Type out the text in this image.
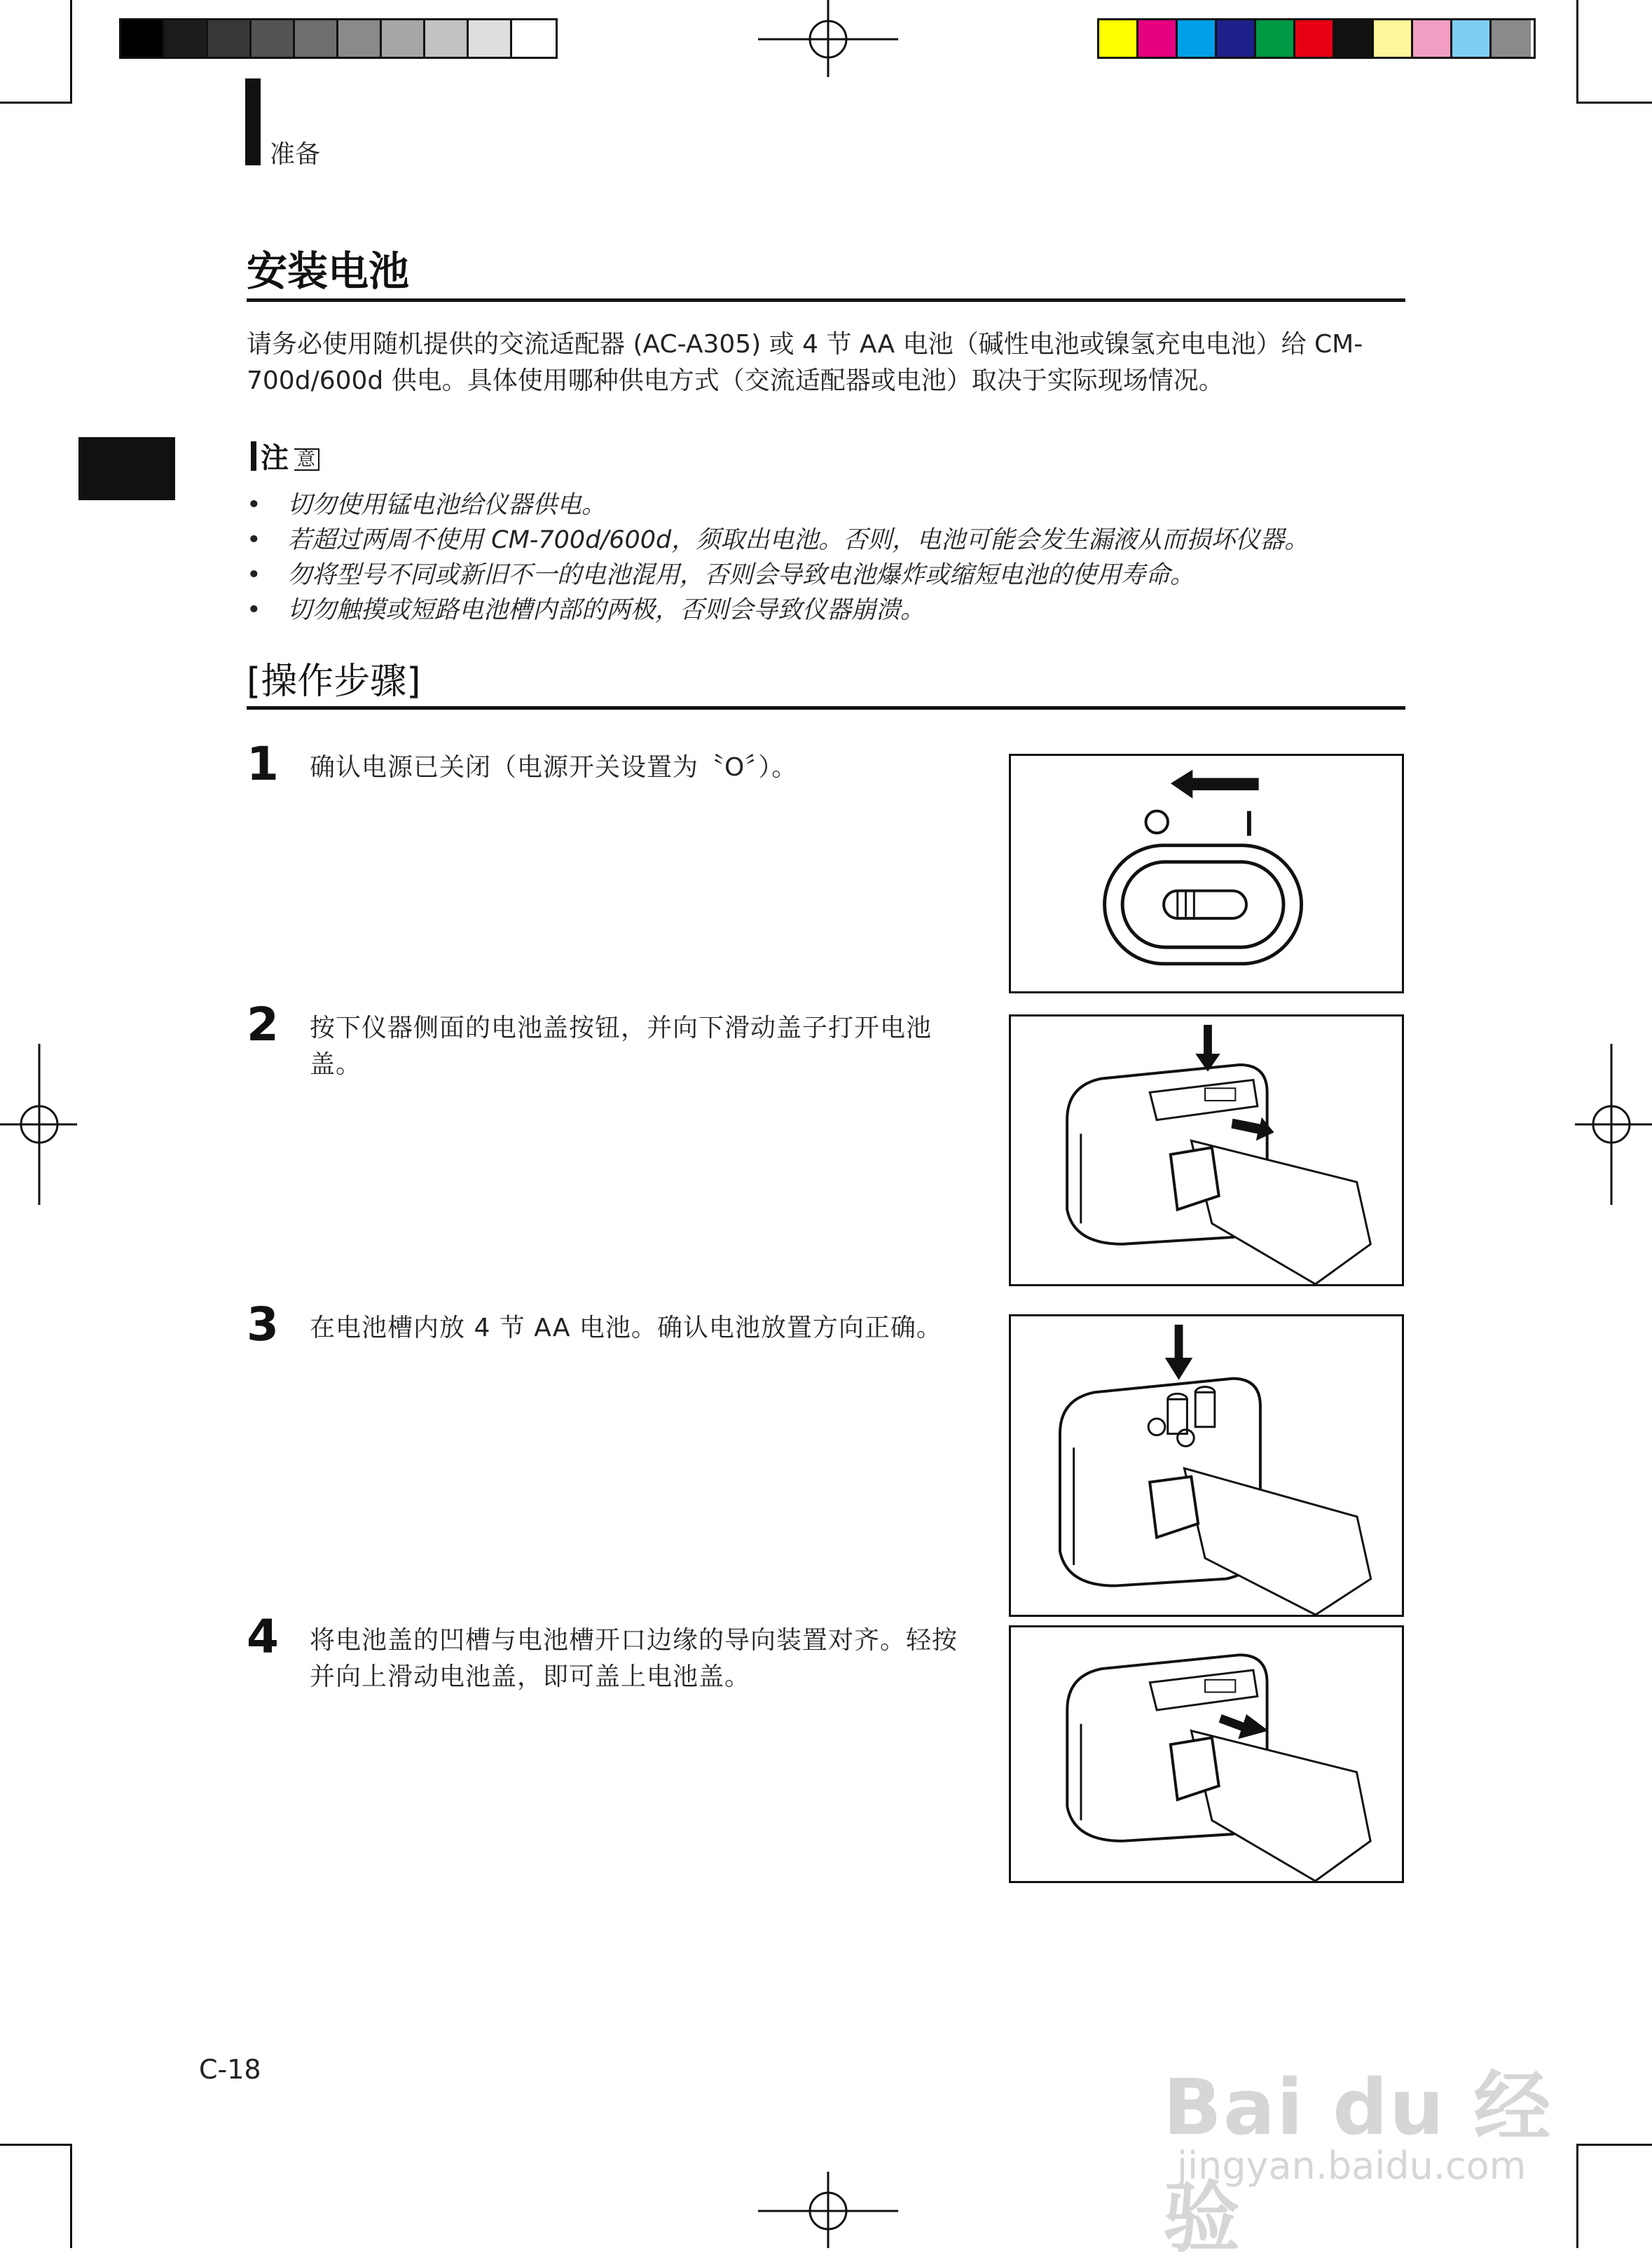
准备
安装电池
请务必使用随机提供的交流适配器 (AC-A305) 或 4 节 AA 电池（碱性电池或镍氢充电电池）给 CM-700d/600d 供电。具体使用哪种供电方式（交流适配器或电池）取决于实际现场情况。
注 意
• 切勿使用锰电池给仪器供电。
• 若超过两周不使用 CM-700d/600d，须取出电池。否则，电池可能会发生漏液从而损坏仪器。
• 勿将型号不同或新旧不一的电池混用，否则会导致电池爆炸或缩短电池的使用寿命。
• 切勿触摸或短路电池槽内部的两极，否则会导致仪器崩溃。
[操作步骤]
1 确认电源已关闭（电源开关设置为〝O〞）。
2 按下仪器侧面的电池盖按钮，并向下滑动盖子打开电池盖。
3 在电池槽内放 4 节 AA 电池。确认电池放置方向正确。
4 将电池盖的凹槽与电池槽开口边缘的导向装置对齐。轻按并向上滑动电池盖，即可盖上电池盖。
C-18	Bai du 经验
jingyan.baidu.com
